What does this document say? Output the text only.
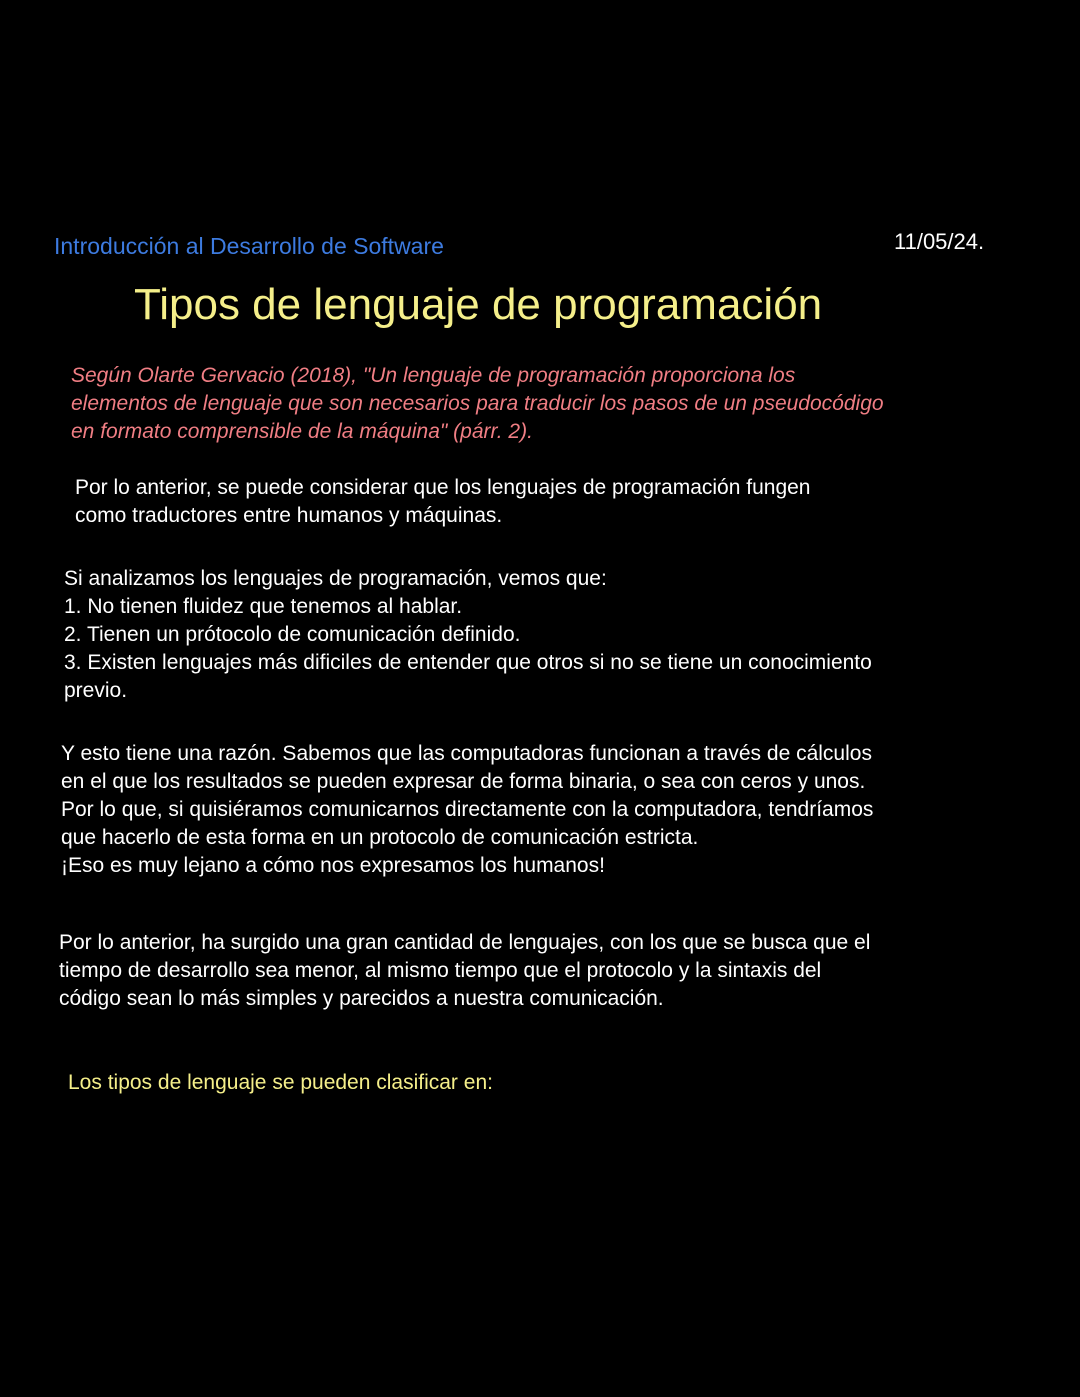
Introducción al Desarrollo de Software	11/05/24.
Tipos de lenguaje de programación
Según Olarte Gervacio (2018), "Un lenguaje de programación proporciona los
elementos de lenguaje que son necesarios para traducir los pasos de un pseudocódigo
en formato comprensible de la máquina" (párr. 2).
Por lo anterior, se puede considerar que los lenguajes de programación fungen
como traductores entre humanos y máquinas.
Si analizamos los lenguajes de programación, vemos que:
1. No tienen fluidez que tenemos al hablar.
2. Tienen un prótocolo de comunicación definido.
3. Existen lenguajes más dificiles de entender que otros si no se tiene un conocimiento
previo.
Y esto tiene una razón. Sabemos que las computadoras funcionan a través de cálculos
en el que los resultados se pueden expresar de forma binaria, o sea con ceros y unos.
Por lo que, si quisiéramos comunicarnos directamente con la computadora, tendríamos
que hacerlo de esta forma en un protocolo de comunicación estricta.
¡Eso es muy lejano a cómo nos expresamos los humanos!
Por lo anterior, ha surgido una gran cantidad de lenguajes, con los que se busca que el
tiempo de desarrollo sea menor, al mismo tiempo que el protocolo y la sintaxis del
código sean lo más simples y parecidos a nuestra comunicación.
Los tipos de lenguaje se pueden clasificar en:
